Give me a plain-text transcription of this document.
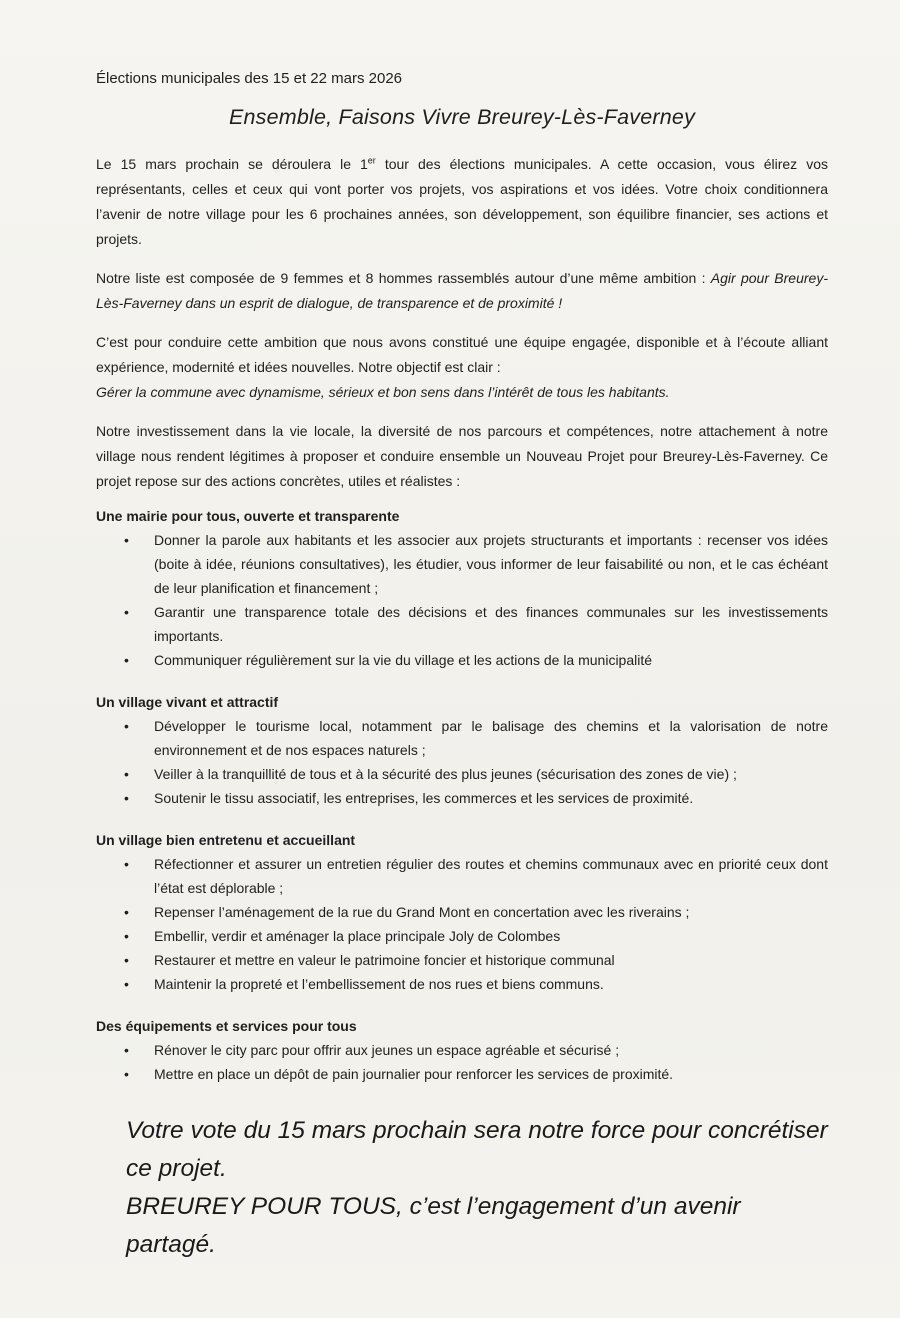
Élections municipales des 15 et 22 mars 2026
Ensemble, Faisons Vivre Breurey-Lès-Faverney

Le 15 mars prochain se déroulera le 1er tour des élections municipales. A cette occasion, vous élirez vos représentants, celles et ceux qui vont porter vos projets, vos aspirations et vos idées. Votre choix conditionnera l’avenir de notre village pour les 6 prochaines années, son développement, son équilibre financier, ses actions et projets.

Notre liste est composée de 9 femmes et 8 hommes rassemblés autour d’une même ambition : Agir pour Breurey-Lès-Faverney dans un esprit de dialogue, de transparence et de proximité !

C’est pour conduire cette ambition que nous avons constitué une équipe engagée, disponible et à l’écoute alliant expérience, modernité et idées nouvelles. Notre objectif est clair :
Gérer la commune avec dynamisme, sérieux et bon sens dans l’intérêt de tous les habitants.

Notre investissement dans la vie locale, la diversité de nos parcours et compétences, notre attachement à notre village nous rendent légitimes à proposer et conduire ensemble un Nouveau Projet pour Breurey-Lès-Faverney. Ce projet repose sur des actions concrètes, utiles et réalistes :

Une mairie pour tous, ouverte et transparente
• Donner la parole aux habitants et les associer aux projets structurants et importants : recenser vos idées (boite à idée, réunions consultatives), les étudier, vous informer de leur faisabilité ou non, et le cas échéant de leur planification et financement ;
• Garantir une transparence totale des décisions et des finances communales sur les investissements importants.
• Communiquer régulièrement sur la vie du village et les actions de la municipalité
Un village vivant et attractif
• Développer le tourisme local, notamment par le balisage des chemins et la valorisation de notre environnement et de nos espaces naturels ;
• Veiller à la tranquillité de tous et à la sécurité des plus jeunes (sécurisation des zones de vie) ;
• Soutenir le tissu associatif, les entreprises, les commerces et les services de proximité.
Un village bien entretenu et accueillant
• Réfectionner et assurer un entretien régulier des routes et chemins communaux avec en priorité ceux dont l’état est déplorable ;
• Repenser l’aménagement de la rue du Grand Mont en concertation avec les riverains ;
• Embellir, verdir et aménager la place principale Joly de Colombes
• Restaurer et mettre en valeur le patrimoine foncier et historique communal
• Maintenir la propreté et l’embellissement de nos rues et biens communs.
Des équipements et services pour tous
• Rénover le city parc pour offrir aux jeunes un espace agréable et sécurisé ;
• Mettre en place un dépôt de pain journalier pour renforcer les services de proximité.
Votre vote du 15 mars prochain sera notre force pour concrétiser ce projet.
BREUREY POUR TOUS, c’est l’engagement d’un avenir partagé.
